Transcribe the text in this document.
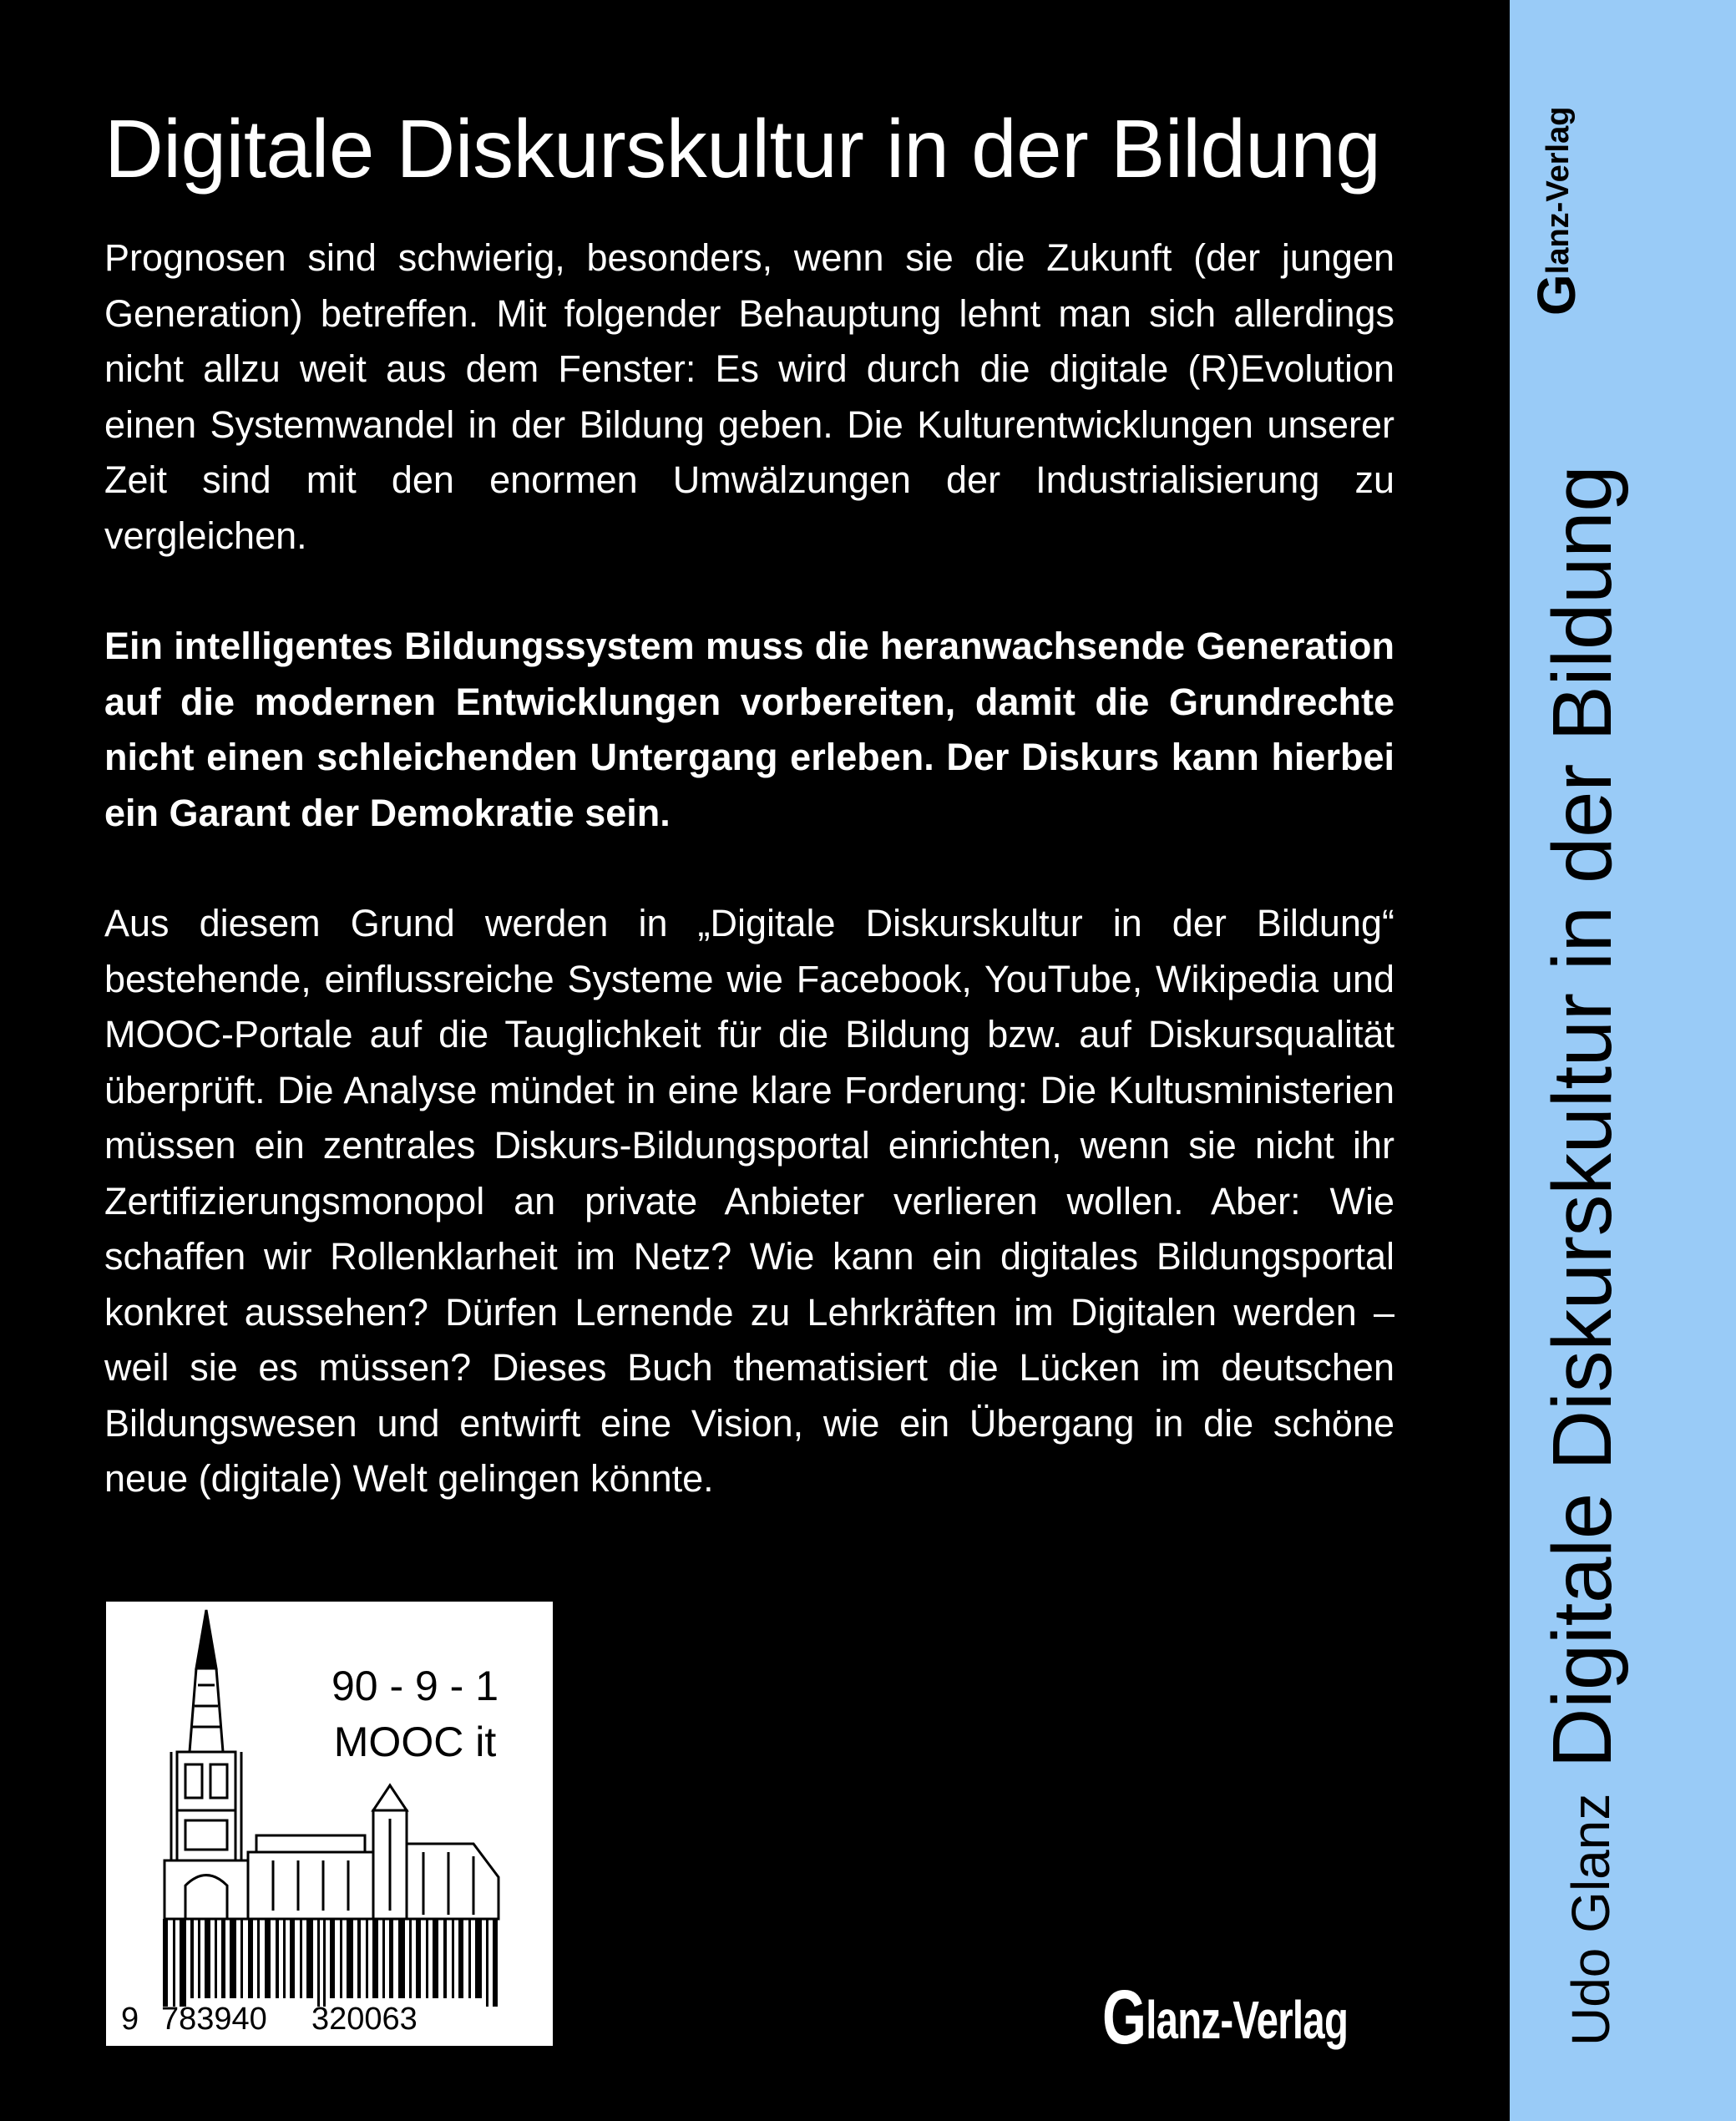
Digitale Diskurskultur in der Bildung

Prognosen sind schwierig, besonders, wenn sie die Zukunft (der jungen Generation) betreffen. Mit folgender Behauptung lehnt man sich allerdings nicht allzu weit aus dem Fenster: Es wird durch die digitale (R)Evolution einen Systemwandel in der Bildung geben. Die Kulturentwicklungen unserer Zeit sind mit den enormen Umwälzungen der Industrialisierung zu vergleichen.

Ein intelligentes Bildungssystem muss die heranwachsende Generation auf die modernen Entwicklungen vorbereiten, damit die Grundrechte nicht einen schleichenden Untergang erleben. Der Diskurs kann hierbei ein Garant der Demokratie sein.

Aus diesem Grund werden in „Digitale Diskurskultur in der Bildung“ bestehende, einflussreiche Systeme wie Facebook, YouTube, Wikipedia und MOOC-Portale auf die Tauglichkeit für die Bildung bzw. auf Diskursqualität überprüft. Die Analyse mündet in eine klare Forderung: Die Kultusministerien müssen ein zentrales Diskurs-Bildungsportal einrichten, wenn sie nicht ihr Zertifizierungsmonopol an private Anbieter verlieren wollen. Aber: Wie schaffen wir Rollenklarheit im Netz? Wie kann ein digitales Bildungsportal konkret aussehen? Dürfen Lernende zu Lehrkräften im Digitalen werden – weil sie es müssen? Dieses Buch thematisiert die Lücken im deutschen Bildungswesen und entwirft eine Vision, wie ein Übergang in die schöne neue (digitale) Welt gelingen könnte.

90 - 9 - 1
MOOC it
9 783940 320063	Glanz-Verlag
Glanz-Verlag
Udo GlanzDigitale Diskurskultur in der Bildung
